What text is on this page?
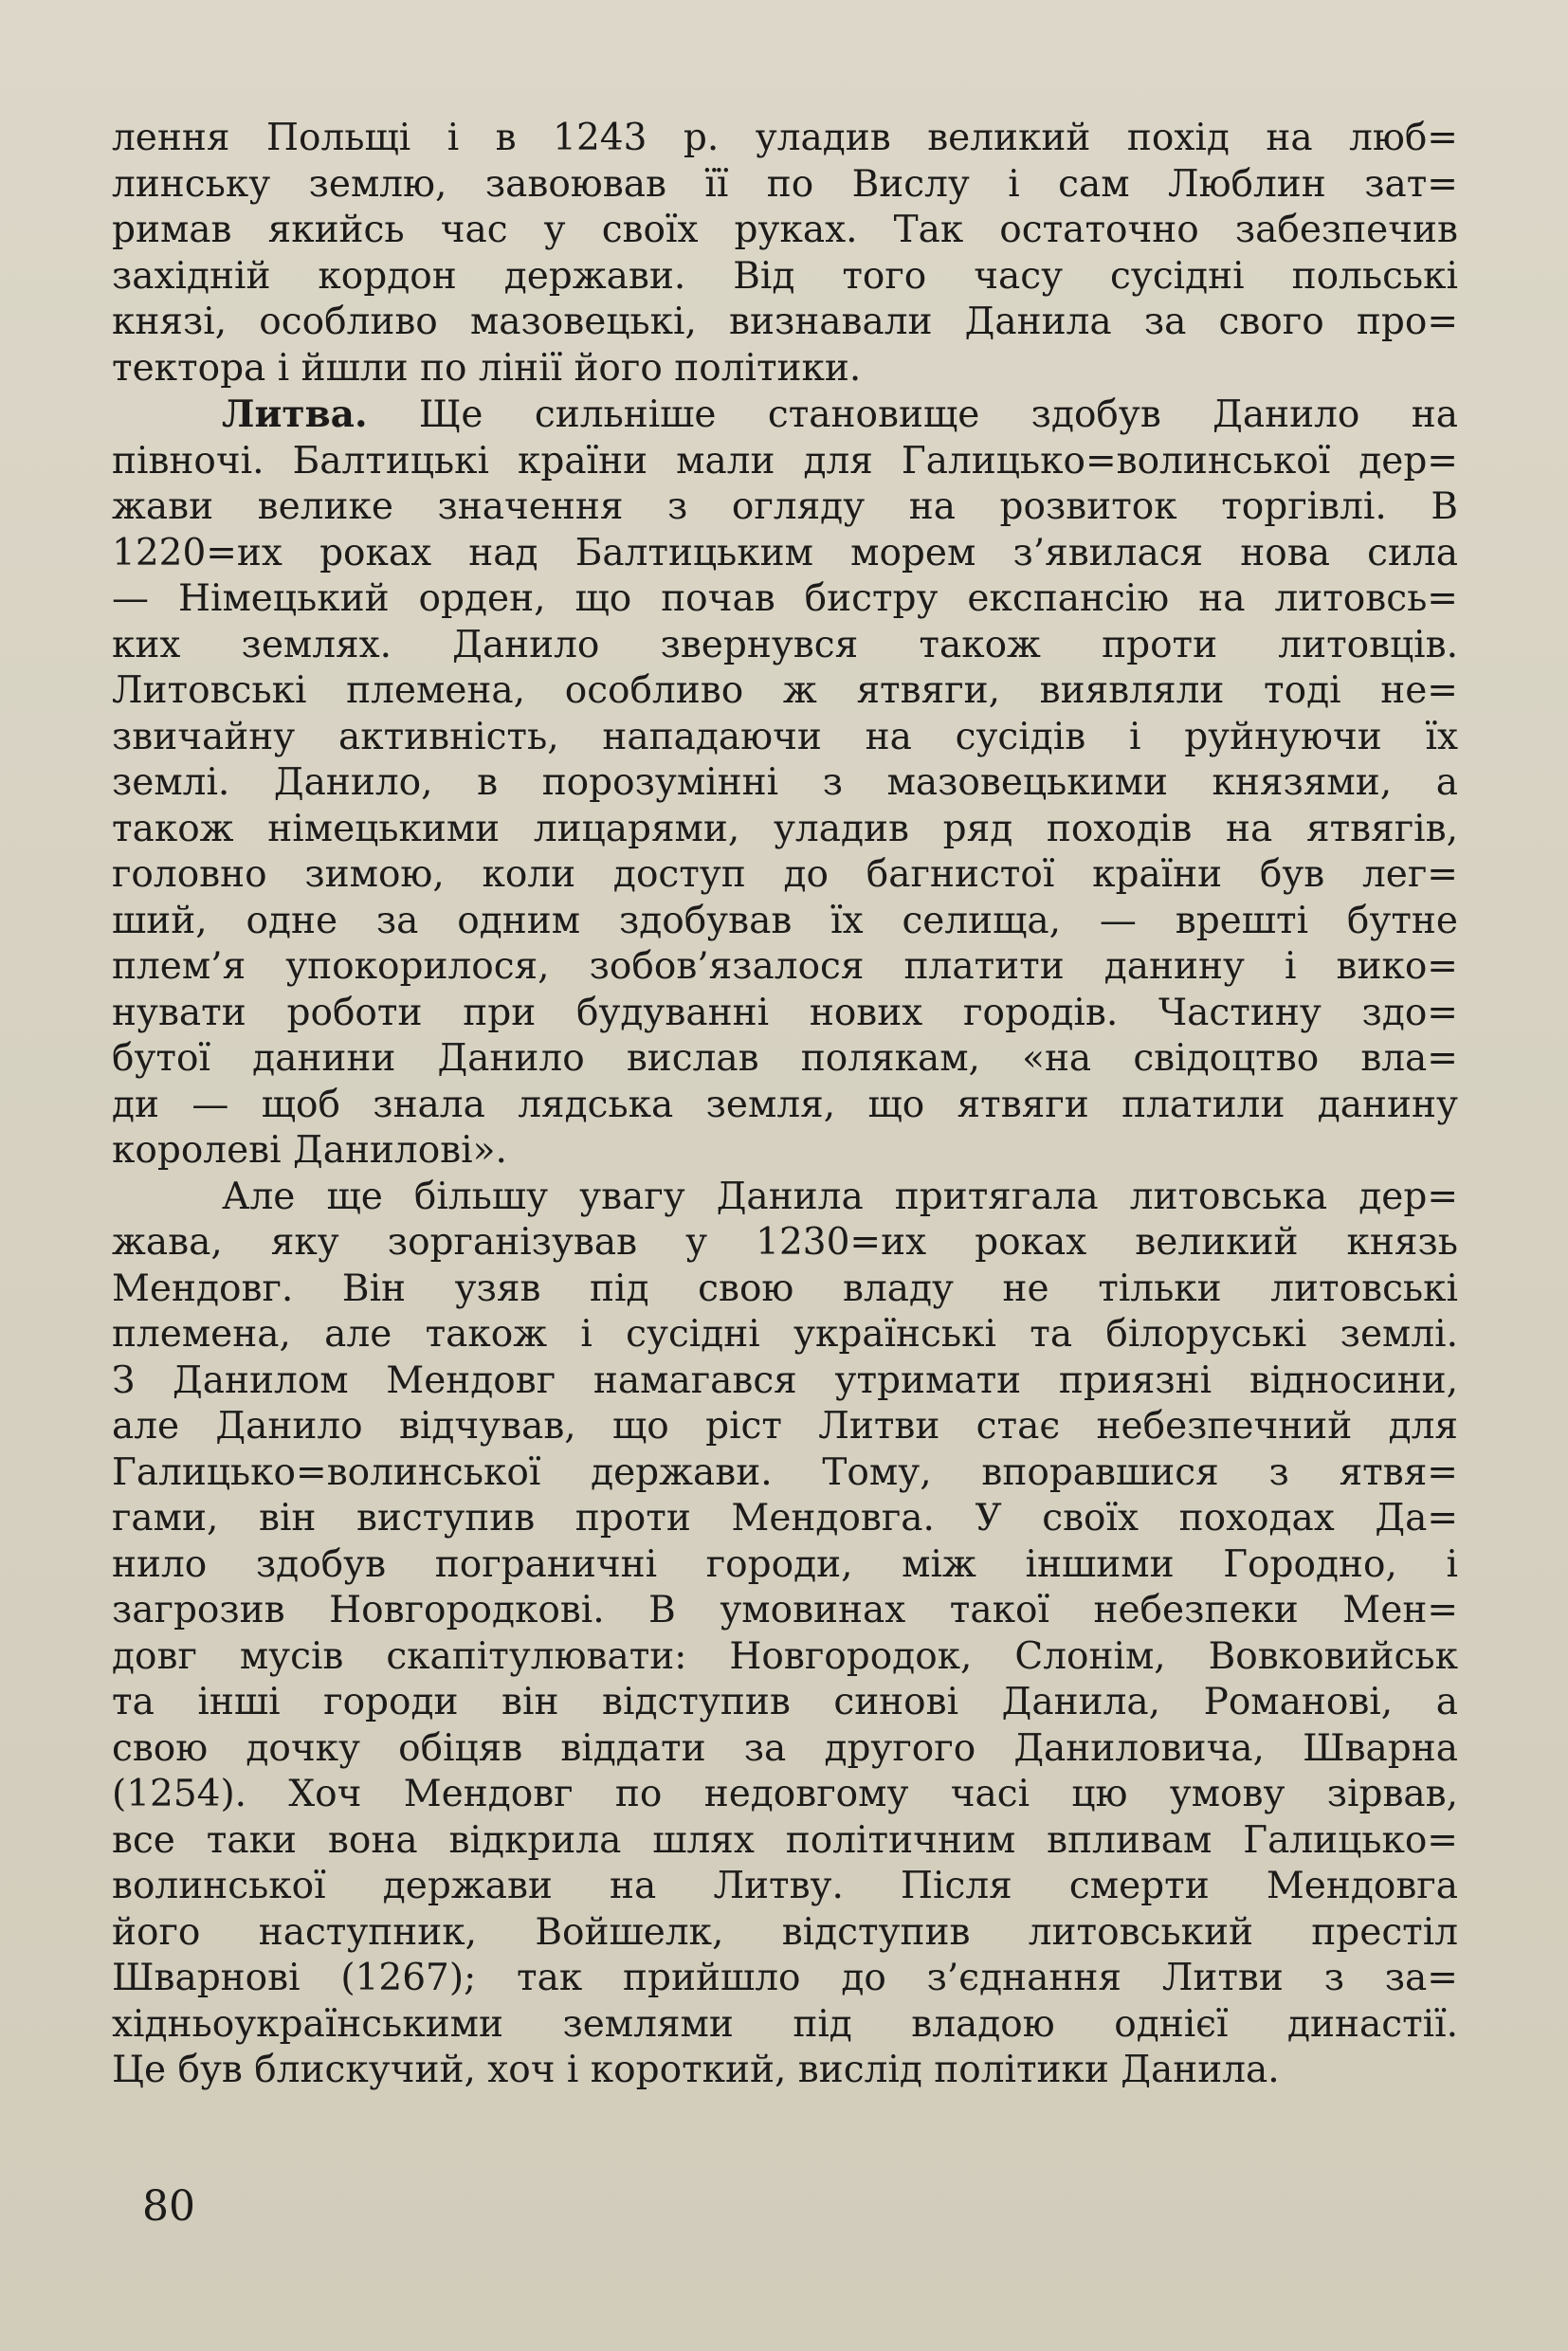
лення Польщі і в 1243 р. уладив великий похід на люб=

линську землю, завоював її по Вислу і сам Люблин зат=

римав якийсь час у своїх руках. Так остаточно забезпечив

західній кордон держави. Від того часу сусідні польські

князі, особливо мазовецькі, визнавали Данила за свого про=

тектора і йшли по лінії його політики.

Литва. Ще сильніше становище здобув Данило на

півночі. Балтицькі країни мали для Галицько=волинської дер=

жави велике значення з огляду на розвиток торгівлі. В

1220=их роках над Балтицьким морем з’явилася нова сила

— Німецький орден, що почав бистру експансію на литовсь=

ких землях. Данило звернувся також проти литовців.

Литовські племена, особливо ж ятвяги, виявляли тоді не=

звичайну активність, нападаючи на сусідів і руйнуючи їх

землі. Данило, в порозумінні з мазовецькими князями, а

також німецькими лицарями, уладив ряд походів на ятвягів,

головно зимою, коли доступ до багнистої країни був лег=

ший, одне за одним здобував їх селища, — врешті бутне

плем’я упокорилося, зобов’язалося платити данину і вико=

нувати роботи при будуванні нових городів. Частину здо=

бутої данини Данило вислав полякам, «на свідоцтво вла=

ди — щоб знала лядська земля, що ятвяги платили данину

королеві Данилові».

Але ще більшу увагу Данила притягала литовська дер=

жава, яку зорганізував у 1230=их роках великий князь

Мендовг. Він узяв під свою владу не тільки литовські

племена, але також і сусідні українські та білоруські землі.

З Данилом Мендовг намагався утримати приязні відносини,

але Данило відчував, що ріст Литви стає небезпечний для

Галицько=волинської держави. Тому, впоравшися з ятвя=

гами, він виступив проти Мендовга. У своїх походах Да=

нило здобув пограничні городи, між іншими Городно, і

загрозив Новгородкові. В умовинах такої небезпеки Мен=

довг мусів скапітулювати: Новгородок, Слонім, Вовковийськ

та інші городи він відступив синові Данила, Романові, а

свою дочку обіцяв віддати за другого Даниловича, Шварна

(1254). Хоч Мендовг по недовгому часі цю умову зірвав,

все таки вона відкрила шлях політичним впливам Галицько=

волинської держави на Литву. Після смерти Мендовга

його наступник, Войшелк, відступив литовський престіл

Шварнові (1267); так прийшло до з’єднання Литви з за=

хідньоукраїнськими землями під владою однієї династії.

Це був блискучий, хоч і короткий, вислід політики Данила.

80
